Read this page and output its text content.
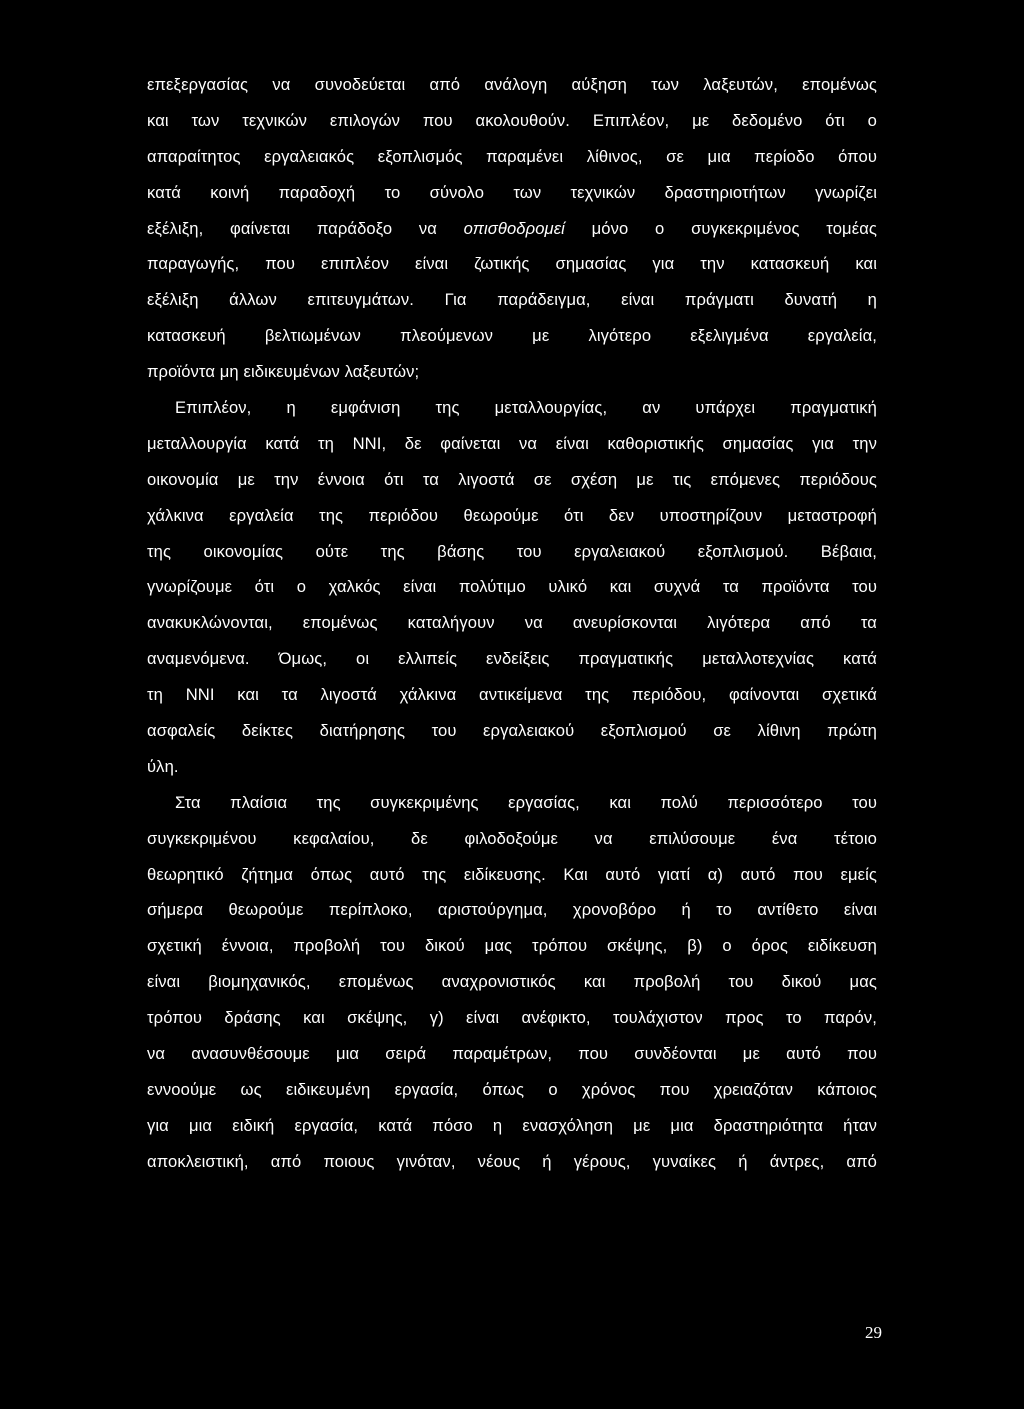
επεξεργασίας να συνοδεύεται από ανάλογη αύξηση των λαξευτών, επομένως
και των τεχνικών επιλογών που ακολουθούν. Επιπλέον, με δεδομένο ότι ο
απαραίτητος εργαλειακός εξοπλισμός παραμένει λίθινος, σε μια περίοδο όπου
κατά κοινή παραδοχή το σύνολο των τεχνικών δραστηριοτήτων γνωρίζει
εξέλιξη, φαίνεται παράδοξο να οπισθοδρομεί μόνο ο συγκεκριμένος τομέας
παραγωγής, που επιπλέον είναι ζωτικής σημασίας για την κατασκευή και
εξέλιξη άλλων επιτευγμάτων. Για παράδειγμα, είναι πράγματι δυνατή η
κατασκευή βελτιωμένων πλεούμενων με λιγότερο εξελιγμένα εργαλεία,
προϊόντα μη ειδικευμένων λαξευτών;
Επιπλέον, η εμφάνιση της μεταλλουργίας, αν υπάρχει πραγματική
μεταλλουργία κατά τη ΝΝΙ, δε φαίνεται να είναι καθοριστικής σημασίας για την
οικονομία με την έννοια ότι τα λιγοστά σε σχέση με τις επόμενες περιόδους
χάλκινα εργαλεία της περιόδου θεωρούμε ότι δεν υποστηρίζουν μεταστροφή
της οικονομίας ούτε της βάσης του εργαλειακού εξοπλισμού. Βέβαια,
γνωρίζουμε ότι ο χαλκός είναι πολύτιμο υλικό και συχνά τα προϊόντα του
ανακυκλώνονται, επομένως καταλήγουν να ανευρίσκονται λιγότερα από τα
αναμενόμενα. Όμως, οι ελλιπείς ενδείξεις πραγματικής μεταλλοτεχνίας κατά
τη ΝΝΙ και τα λιγοστά χάλκινα αντικείμενα της περιόδου, φαίνονται σχετικά
ασφαλείς δείκτες διατήρησης του εργαλειακού εξοπλισμού σε λίθινη πρώτη
ύλη.
Στα πλαίσια της συγκεκριμένης εργασίας, και πολύ περισσότερο του
συγκεκριμένου κεφαλαίου, δε φιλοδοξούμε να επιλύσουμε ένα τέτοιο
θεωρητικό ζήτημα όπως αυτό της ειδίκευσης. Και αυτό γιατί α) αυτό που εμείς
σήμερα θεωρούμε περίπλοκο, αριστούργημα, χρονοβόρο ή το αντίθετο είναι
σχετική έννοια, προβολή του δικού μας τρόπου σκέψης, β) ο όρος ειδίκευση
είναι βιομηχανικός, επομένως αναχρονιστικός και προβολή του δικού μας
τρόπου δράσης και σκέψης, γ) είναι ανέφικτο, τουλάχιστον προς το παρόν,
να ανασυνθέσουμε μια σειρά παραμέτρων, που συνδέονται με αυτό που
εννοούμε ως ειδικευμένη εργασία, όπως ο χρόνος που χρειαζόταν κάποιος
για μια ειδική εργασία, κατά πόσο η ενασχόληση με μια δραστηριότητα ήταν
αποκλειστική, από ποιους γινόταν, νέους ή γέρους, γυναίκες ή άντρες, από
29
